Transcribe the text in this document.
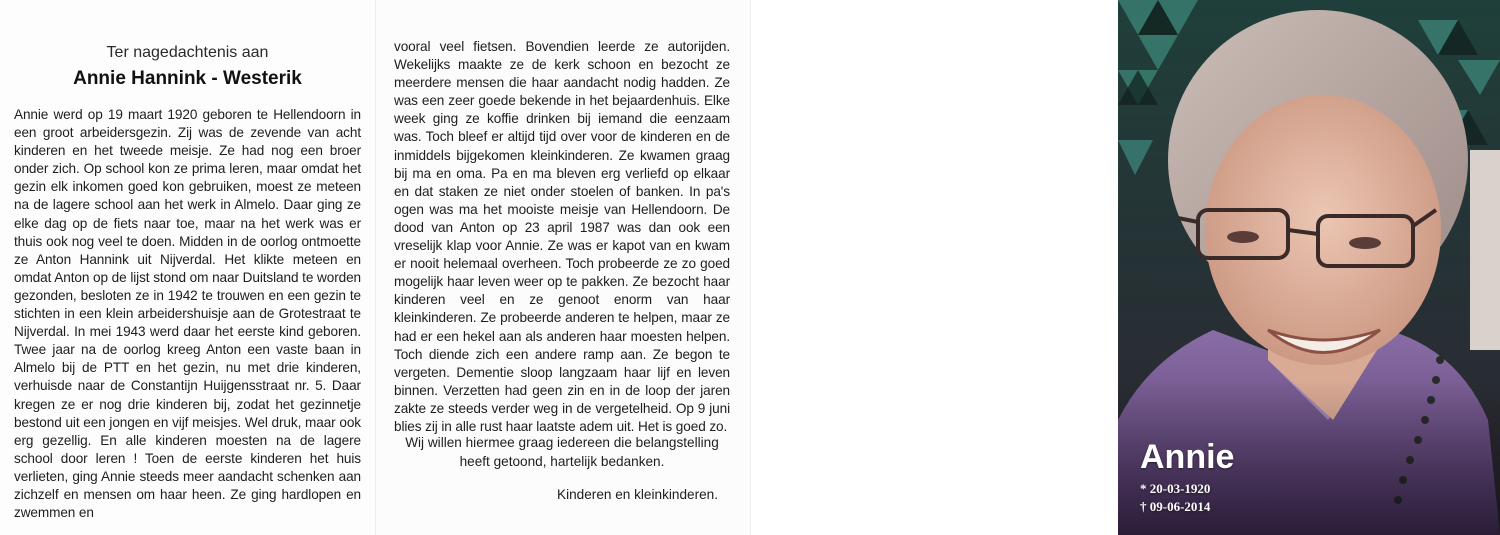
Ter nagedachtenis aan

Annie Hannink - Westerik

Annie werd op 19 maart 1920 geboren te Hellendoorn in een groot arbeidersgezin. Zij was de zevende van acht kinderen en het tweede meisje. Ze had nog een broer onder zich. Op school kon ze prima leren, maar omdat het gezin elk inkomen goed kon gebruiken, moest ze meteen na de lagere school aan het werk in Almelo. Daar ging ze elke dag op de fiets naar toe, maar na het werk was er thuis ook nog veel te doen. Midden in de oorlog ontmoette ze Anton Hannink uit Nijverdal. Het klikte meteen en omdat Anton op de lijst stond om naar Duitsland te worden gezonden, besloten ze in 1942 te trouwen en een gezin te stichten in een klein arbeidershuisje aan de Grotestraat te Nijverdal. In mei 1943 werd daar het eerste kind geboren. Twee jaar na de oorlog kreeg Anton een vaste baan in Almelo bij de PTT en het gezin, nu met drie kinderen, verhuisde naar de Constantijn Huijgensstraat nr. 5. Daar kregen ze er nog drie kinderen bij, zodat het gezinnetje bestond uit een jongen en vijf meisjes. Wel druk, maar ook erg gezellig. En alle kinderen moesten na de lagere school door leren ! Toen de eerste kinderen het huis verlieten, ging Annie steeds meer aandacht schenken aan zichzelf en mensen om haar heen. Ze ging hardlopen en zwemmen en

vooral veel fietsen. Bovendien leerde ze autorijden. Wekelijks maakte ze de kerk schoon en bezocht ze meerdere mensen die haar aandacht nodig hadden. Ze was een zeer goede bekende in het bejaardenhuis. Elke week ging ze koffie drinken bij iemand die eenzaam was. Toch bleef er altijd tijd over voor de kinderen en de inmiddels bijgekomen kleinkinderen. Ze kwamen graag bij ma en oma. Pa en ma bleven erg verliefd op elkaar en dat staken ze niet onder stoelen of banken. In pa's ogen was ma het mooiste meisje van Hellendoorn. De dood van Anton op 23 april 1987 was dan ook een vreselijk klap voor Annie. Ze was er kapot van en kwam er nooit helemaal overheen. Toch probeerde ze zo goed mogelijk haar leven weer op te pakken. Ze bezocht haar kinderen veel en ze genoot enorm van haar kleinkinderen. Ze probeerde anderen te helpen, maar ze had er een hekel aan als anderen haar moesten helpen. Toch diende zich een andere ramp aan. Ze begon te vergeten. Dementie sloop langzaam haar lijf en leven binnen. Verzetten had geen zin en in de loop der jaren zakte ze steeds verder weg in de vergetelheid. Op 9 juni blies zij in alle rust haar laatste adem uit. Het is goed zo.

Wij willen hiermee graag iedereen die belangstelling heeft getoond, hartelijk bedanken.

Kinderen en kleinkinderen.

Annie

* 20-03-1920

† 09-06-2014
